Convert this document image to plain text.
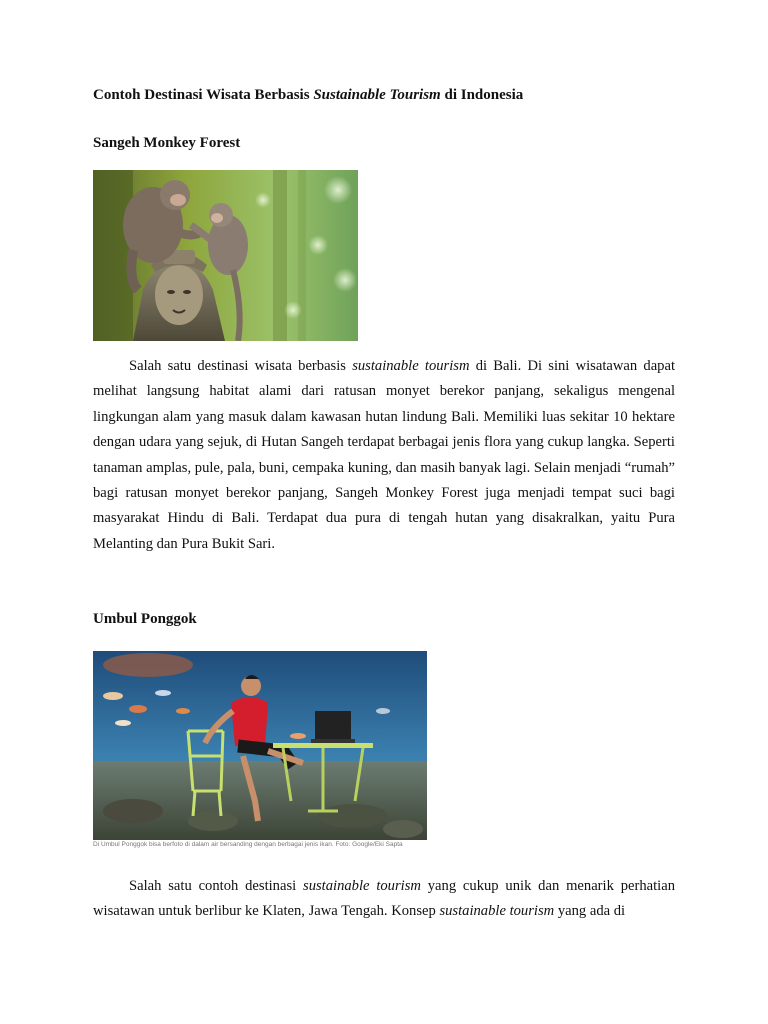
Contoh Destinasi Wisata Berbasis Sustainable Tourism di Indonesia
Sangeh Monkey Forest
Salah satu destinasi wisata berbasis sustainable tourism di Bali. Di sini wisatawan dapat melihat langsung habitat alami dari ratusan monyet berekor panjang, sekaligus mengenal lingkungan alam yang masuk dalam kawasan hutan lindung Bali. Memiliki luas sekitar 10 hektare dengan udara yang sejuk, di Hutan Sangeh terdapat berbagai jenis flora yang cukup langka. Seperti tanaman amplas, pule, pala, buni, cempaka kuning, dan masih banyak lagi. Selain menjadi “rumah” bagi ratusan monyet berekor panjang, Sangeh Monkey Forest juga menjadi tempat suci bagi masyarakat Hindu di Bali. Terdapat dua pura di tengah hutan yang disakralkan, yaitu Pura Melanting dan Pura Bukit Sari.
Umbul Ponggok
Di Umbul Ponggok bisa berfoto di dalam air bersanding dengan berbagai jenis ikan. Foto: Google/Eki Sapta
Salah satu contoh destinasi sustainable tourism yang cukup unik dan menarik perhatian wisatawan untuk berlibur ke Klaten, Jawa Tengah. Konsep sustainable tourism yang ada di
